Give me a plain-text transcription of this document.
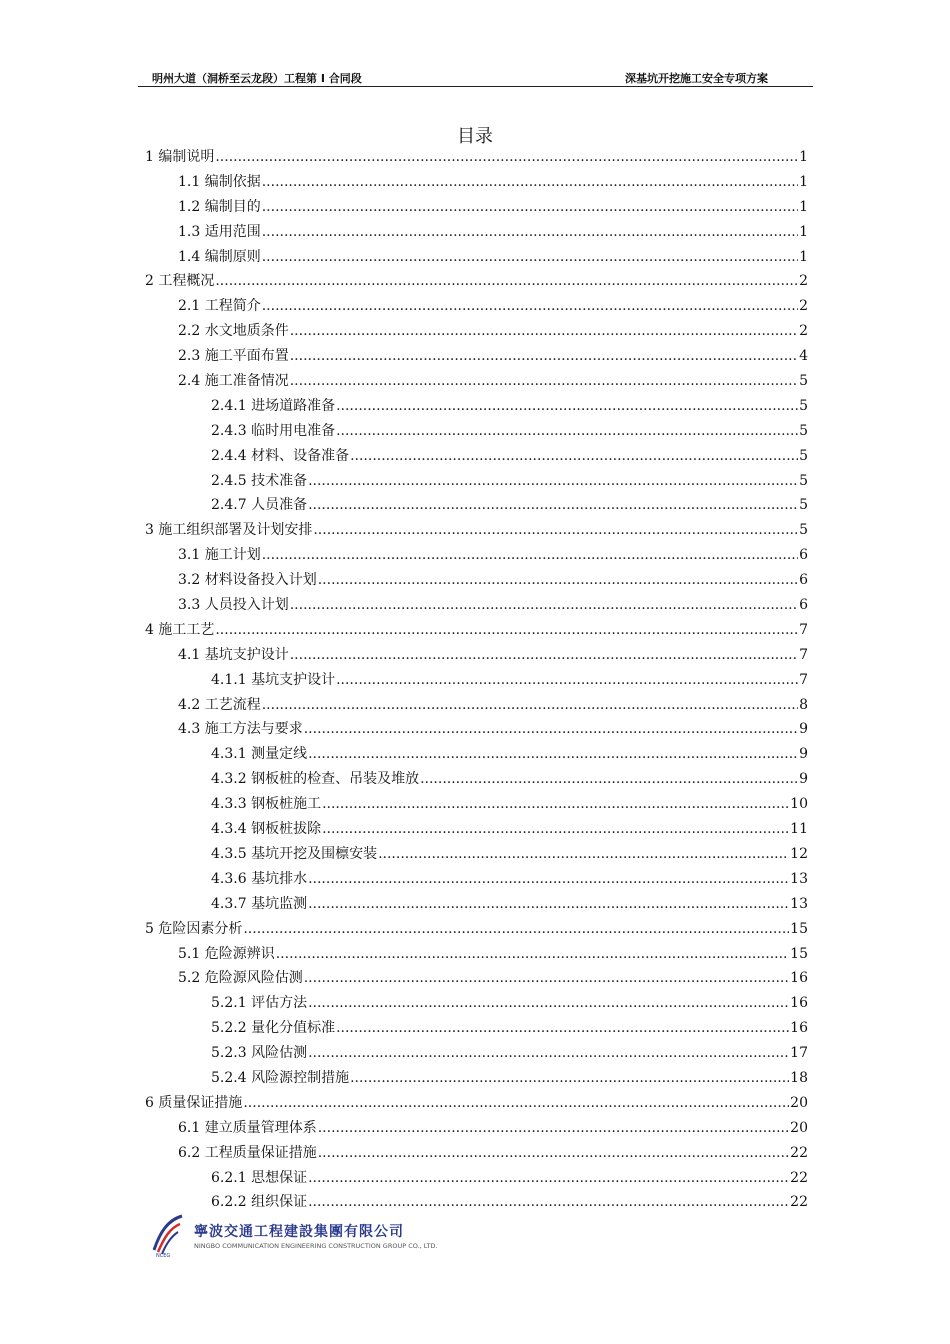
明州大道（洞桥至云龙段）工程第 I 合同段	深基坑开挖施工安全专项方案
目录
1 编制说明 .....	1
1.1 编制依据 .....	1
1.2 编制目的 .....	1
1.3 适用范围 .....	1
1.4 编制原则 .....	1
2 工程概况 .....	2
2.1 工程简介 .....	2
2.2 水文地质条件 .....	2
2.3 施工平面布置 .....	4
2.4 施工准备情况 .....	5
2.4.1 进场道路准备 .....	5
2.4.3 临时用电准备 .....	5
2.4.4 材料、设备准备 .....	5
2.4.5 技术准备 .....	5
2.4.7 人员准备 .....	5
3 施工组织部署及计划安排 .....	5
3.1 施工计划 .....	6
3.2 材料设备投入计划 .....	6
3.3 人员投入计划 .....	6
4 施工工艺 .....	7
4.1 基坑支护设计 .....	7
4.1.1 基坑支护设计 .....	7
4.2 工艺流程 .....	8
4.3 施工方法与要求 .....	9
4.3.1 测量定线 .....	9
4.3.2 钢板桩的检查、吊装及堆放 .....	9
4.3.3 钢板桩施工 .....	10
4.3.4 钢板桩拔除 .....	11
4.3.5 基坑开挖及围檩安装 .....	12
4.3.6 基坑排水 .....	13
4.3.7 基坑监测 .....	13
5 危险因素分析 .....	15
5.1 危险源辨识 .....	15
5.2 危险源风险估测 .....	16
5.2.1 评估方法 .....	16
5.2.2 量化分值标准 .....	16
5.2.3 风险估测 .....	17
5.2.4 风险源控制措施 .....	18
6 质量保证措施 .....	20
6.1 建立质量管理体系 .....	20
6.2 工程质量保证措施 .....	22
6.2.1 思想保证 .....	22
6.2.2 组织保证 .....	22
NCEG
寧波交通工程建設集團有限公司
NINGBO COMMUNICATION ENGINEERING CONSTRUCTION GROUP CO., LTD.
